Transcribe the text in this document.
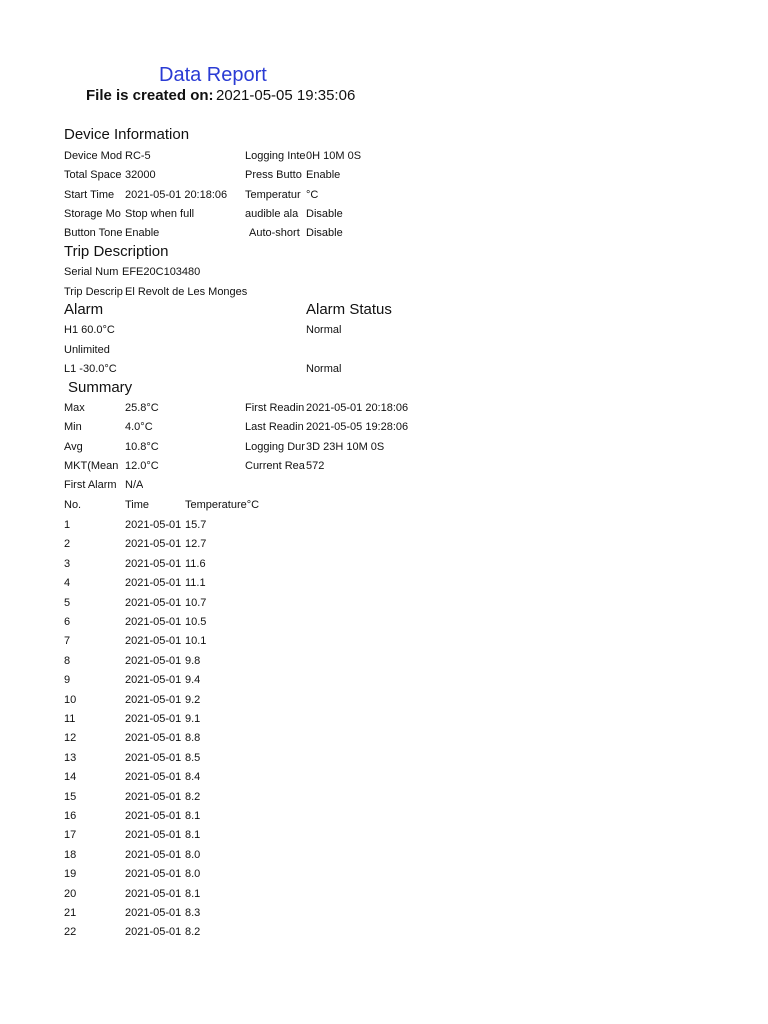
Data Report
File is created on: 2021-05-05 19:35:06
Device Information
Device Mod RC-5	Logging Inte 0H 10M 0S
Total Space 32000	Press Butto Enable
Start Time 2021-05-01 20:18:06 Temperatur °C
Storage Mo Stop when full	audible ala Disable
Button Tone Enable	Auto-short Disable
Trip Description
Serial Num EFE20C103480
Trip Descrip El Revolt de Les Monges
Alarm	Alarm Status
H1 60.0°C	Normal
Unlimited
L1 -30.0°C	Normal
Summary
Max	25.8°C	First Readin 2021-05-01 20:18:06
Min	4.0°C	Last Readin 2021-05-05 19:28:06
Avg	10.8°C	Logging Dur 3D 23H 10M 0S
MKT(Mean 12.0°C	Current Rea 572
First Alarm N/A
No.	Time	Temperature°C
1	2021-05-01 15.7
2	2021-05-01 12.7
3	2021-05-01 11.6
4	2021-05-01 11.1
5	2021-05-01 10.7
6	2021-05-01 10.5
7	2021-05-01 10.1
8	2021-05-01 9.8
9	2021-05-01 9.4
10	2021-05-01 9.2
11	2021-05-01 9.1
12	2021-05-01 8.8
13	2021-05-01 8.5
14	2021-05-01 8.4
15	2021-05-01 8.2
16	2021-05-01 8.1
17	2021-05-01 8.1
18	2021-05-01 8.0
19	2021-05-01 8.0
20	2021-05-01 8.1
21	2021-05-01 8.3
22	2021-05-01 8.2
